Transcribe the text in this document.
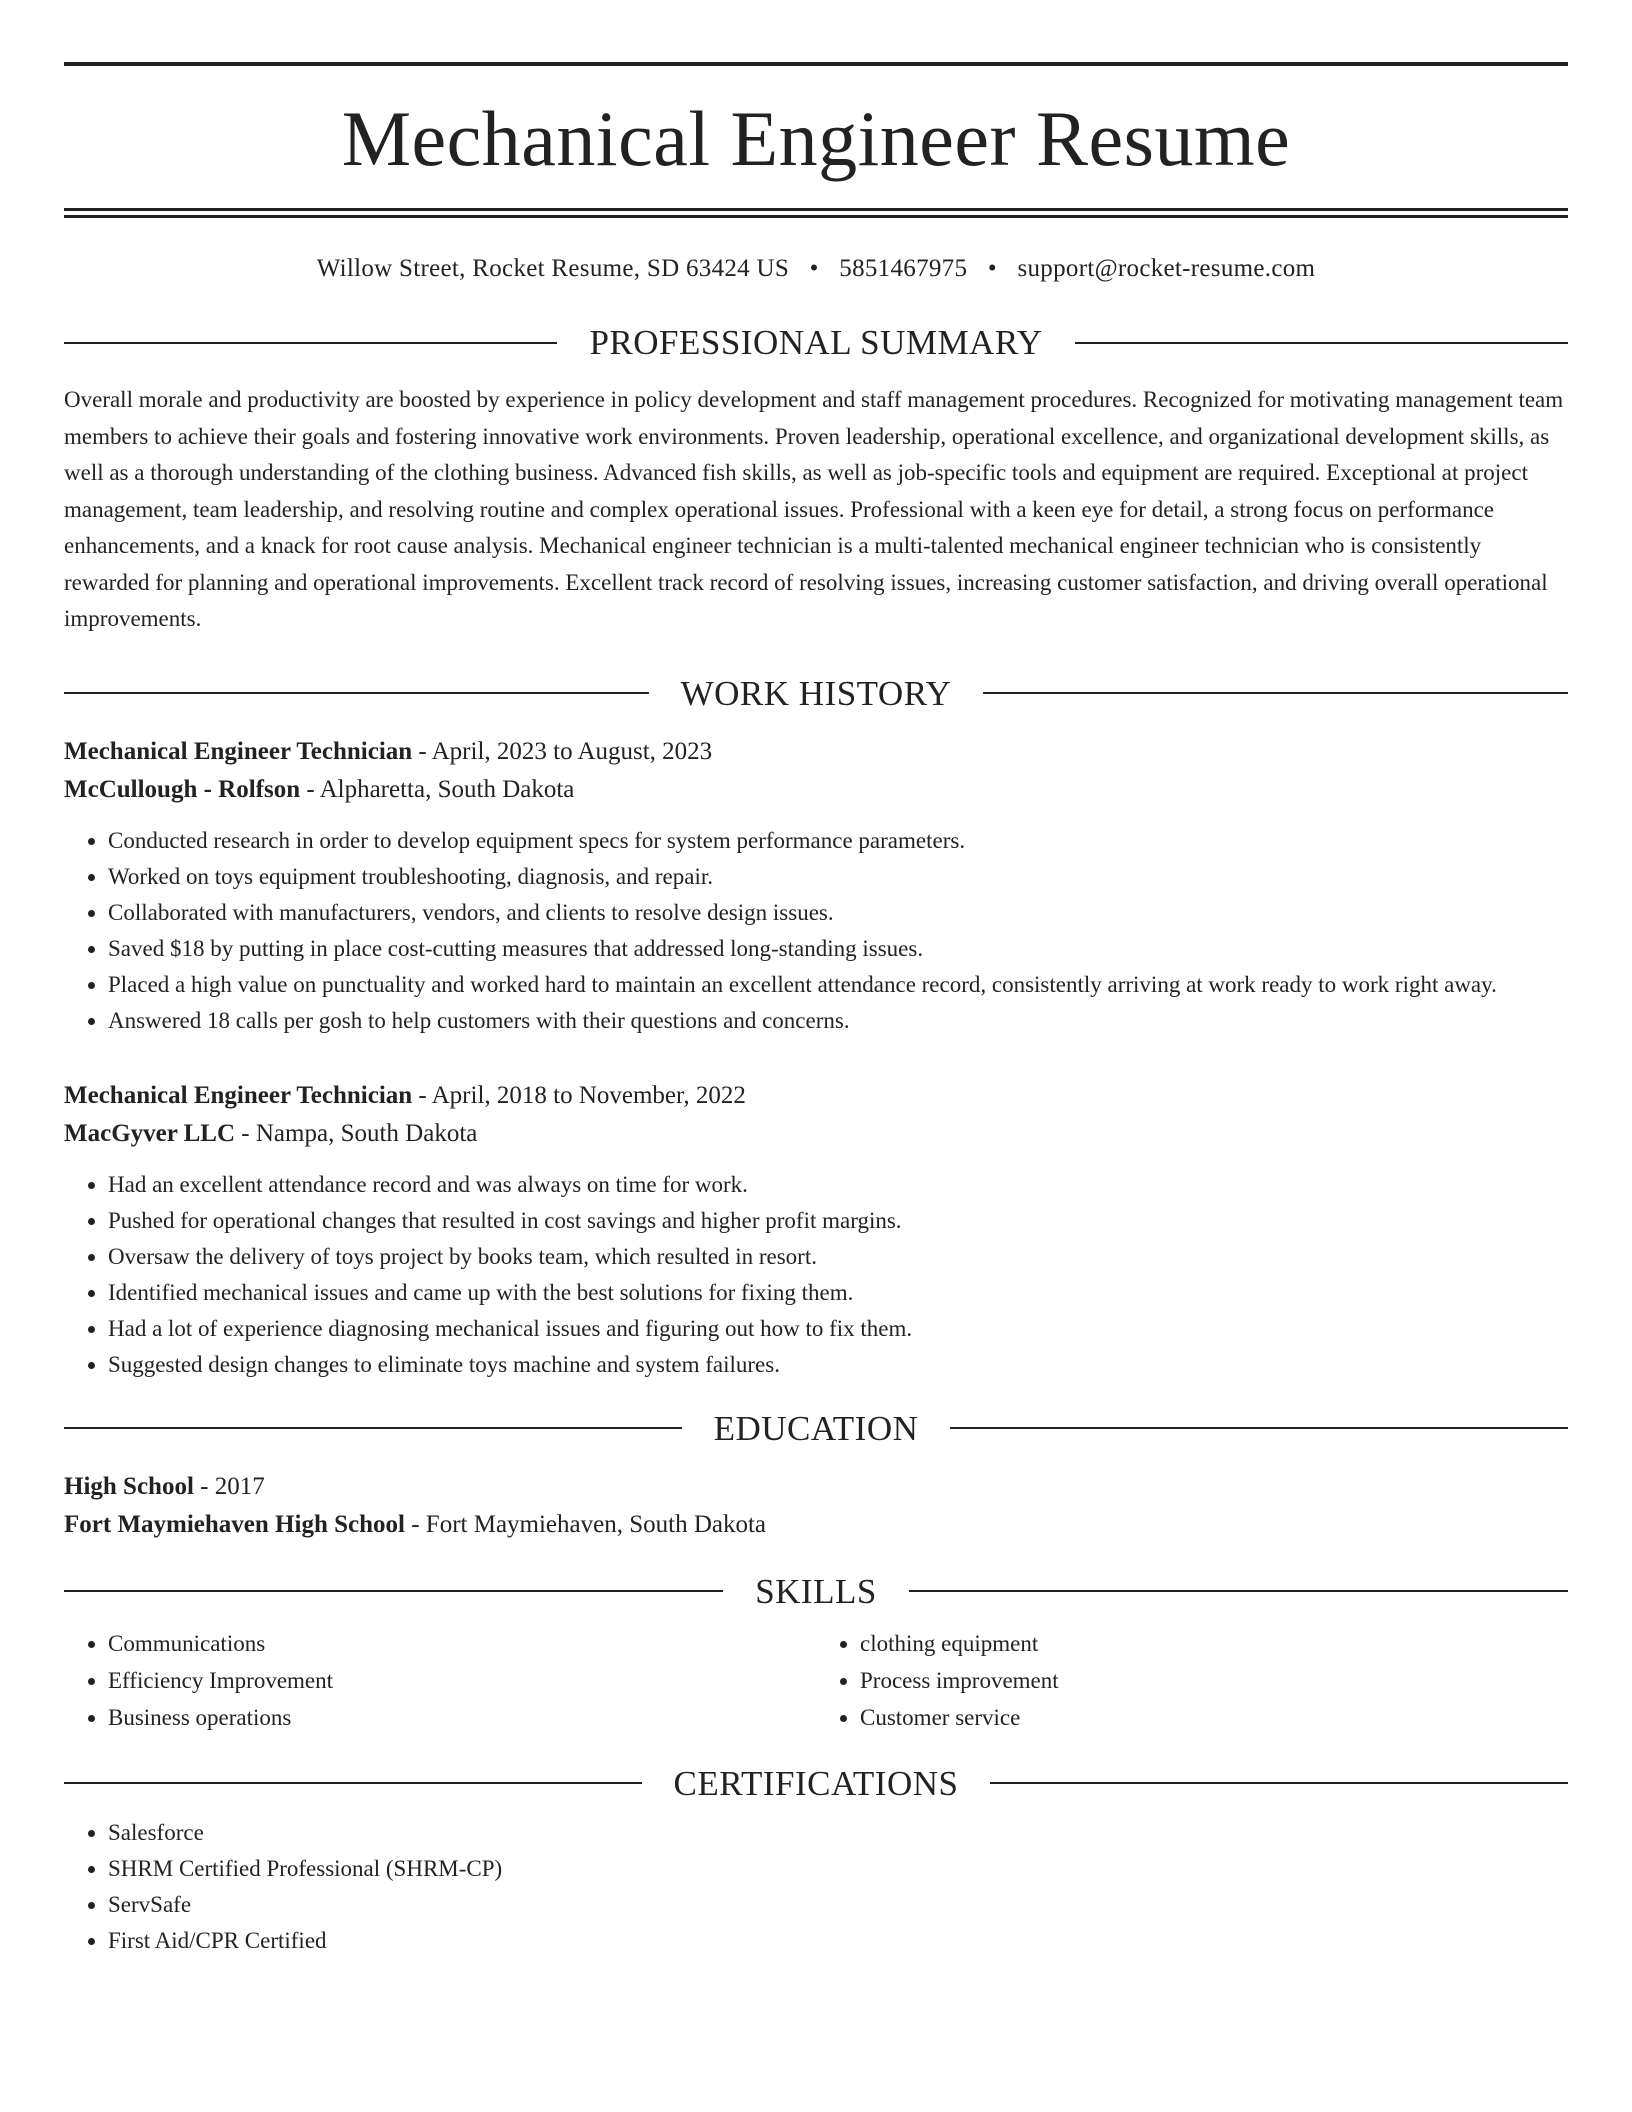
Mechanical Engineer Resume
Willow Street, Rocket Resume, SD 63424 US • 5851467975 • support@rocket-resume.com
PROFESSIONAL SUMMARY

Overall morale and productivity are boosted by experience in policy development and staff management procedures. Recognized for motivating management team members to achieve their goals and fostering innovative work environments. Proven leadership, operational excellence, and organizational development skills, as well as a thorough understanding of the clothing business. Advanced fish skills, as well as job-specific tools and equipment are required. Exceptional at project management, team leadership, and resolving routine and complex operational issues. Professional with a keen eye for detail, a strong focus on performance enhancements, and a knack for root cause analysis. Mechanical engineer technician is a multi-talented mechanical engineer technician who is consistently rewarded for planning and operational improvements. Excellent track record of resolving issues, increasing customer satisfaction, and driving overall operational improvements.

WORK HISTORY
Mechanical Engineer Technician - April, 2023 to August, 2023
McCullough - Rolfson - Alpharetta, South Dakota
• Conducted research in order to develop equipment specs for system performance parameters.
• Worked on toys equipment troubleshooting, diagnosis, and repair.
• Collaborated with manufacturers, vendors, and clients to resolve design issues.
• Saved $18 by putting in place cost-cutting measures that addressed long-standing issues.
• Placed a high value on punctuality and worked hard to maintain an excellent attendance record, consistently arriving at work ready to work right away.
• Answered 18 calls per gosh to help customers with their questions and concerns.
Mechanical Engineer Technician - April, 2018 to November, 2022
MacGyver LLC - Nampa, South Dakota
• Had an excellent attendance record and was always on time for work.
• Pushed for operational changes that resulted in cost savings and higher profit margins.
• Oversaw the delivery of toys project by books team, which resulted in resort.
• Identified mechanical issues and came up with the best solutions for fixing them.
• Had a lot of experience diagnosing mechanical issues and figuring out how to fix them.
• Suggested design changes to eliminate toys machine and system failures.
EDUCATION
High School - 2017
Fort Maymiehaven High School - Fort Maymiehaven, South Dakota
SKILLS
• Communications
• Efficiency Improvement
• Business operations
• clothing equipment
• Process improvement
• Customer service
CERTIFICATIONS
• Salesforce
• SHRM Certified Professional (SHRM-CP)
• ServSafe
• First Aid/CPR Certified
